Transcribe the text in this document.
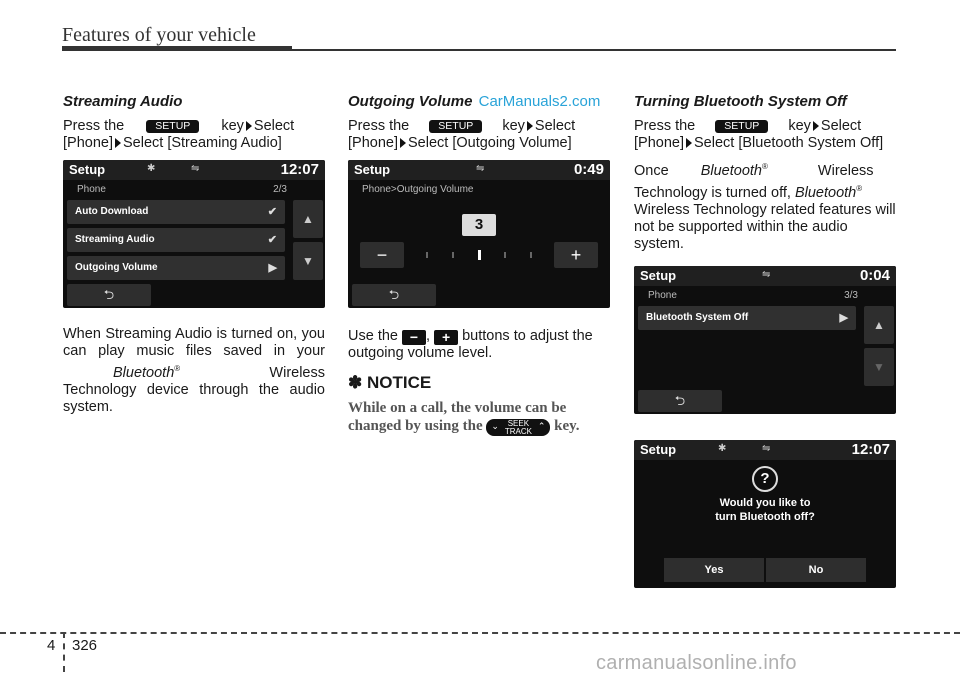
Features of your vehicle
Streaming Audio

Press the	SETUP key Select
[Phone] Select [Streaming Audio]

Setup	✱	⇋	12:07
Phone	2/3
Auto Download	✔
Streaming Audio	✔
Outgoing Volume	▶
▲
▼
⮌

When Streaming Audio is turned on, you can play music files saved in your Bluetooth®	Wireless Technology device through the audio system.

Outgoing Volume CarManuals2.com

Press the	SETUP key Select
[Phone] Select [Outgoing Volume]

Setup	⇋	0:49
Phone>Outgoing Volume
3
−	+
⮌

Use the − , + buttons to adjust the outgoing volume level.

✽ NOTICE
While on a call, the volume can be changed by using the ⌄ SEEK
TRACK
⌃ key.
Turning Bluetooth System Off

Press the	SETUP key Select
[Phone] Select [Bluetooth System Off]

Once Bluetooth®	Wireless
Technology is turned off, Bluetooth®
Wireless Technology related features will not be supported within the audio system.

Setup	⇋	0:04
Phone	3/3
Bluetooth System Off	▶	▲
▼
⮌
Setup	✱	⇋	12:07
?
Would you like to
turn Bluetooth off?
Yes	No
4 326
carmanualsonline.info
